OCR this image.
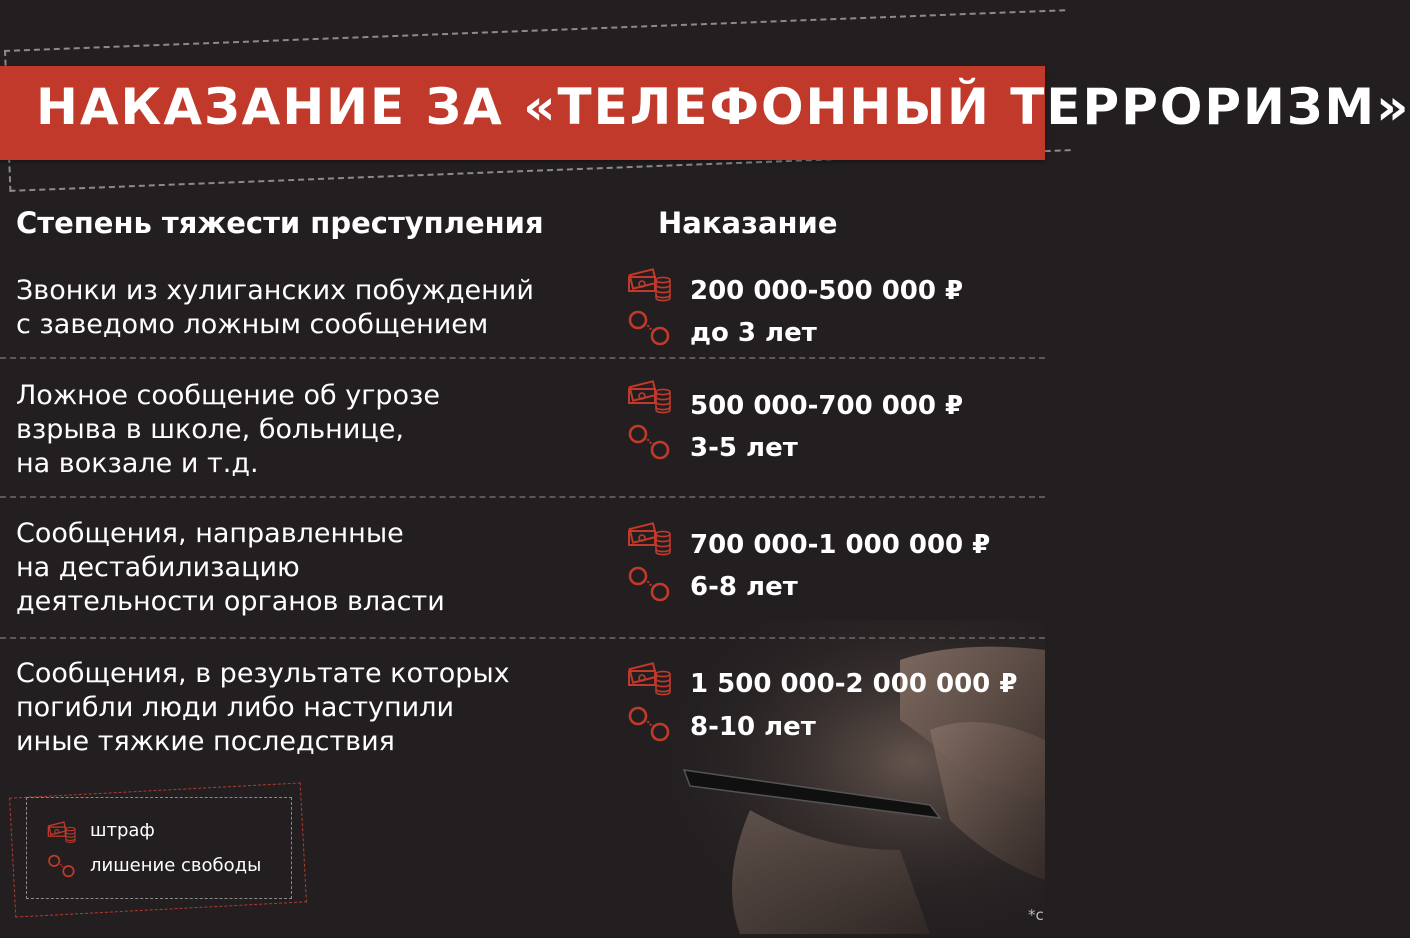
НАКАЗАНИЕ ЗА «ТЕЛЕФОННЫЙ ТЕРРОРИЗМ»
Степень тяжести преступления	Наказание
Звонки из хулиганских побуждений
с заведомо ложным сообщением
200 000-500 000 ₽
до 3 лет
Ложное сообщение об угрозе
взрыва в школе, больнице,
на вокзале и т.д.
500 000-700 000 ₽
3-5 лет
Сообщения, направленные
на дестабилизацию
деятельности органов власти
700 000-1 000 000 ₽
6-8 лет
Сообщения, в результате которых
погибли люди либо наступили
иные тяжкие последствия
1 500 000-2 000 000 ₽
8-10 лет
штраф
лишение свободы
*с
